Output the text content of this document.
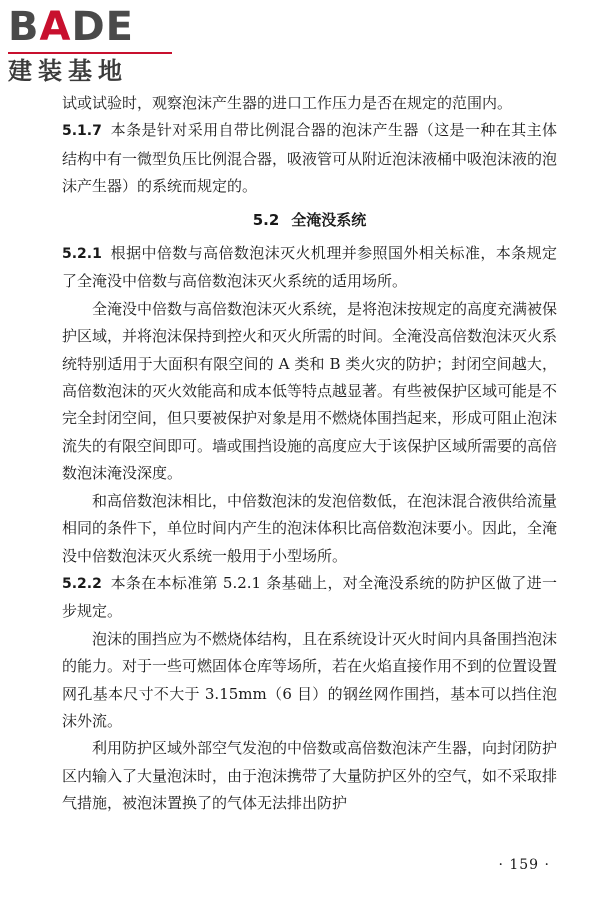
BADE
建装基地

试或试验时，观察泡沫产生器的进口工作压力是否在规定的范围内。

5.1.7 本条是针对采用自带比例混合器的泡沫产生器（这是一种在其主体结构中有一微型负压比例混合器，吸液管可从附近泡沫液桶中吸泡沫液的泡沫产生器）的系统而规定的。

5.2 全淹没系统

5.2.1 根据中倍数与高倍数泡沫灭火机理并参照国外相关标准，本条规定了全淹没中倍数与高倍数泡沫灭火系统的适用场所。

全淹没中倍数与高倍数泡沫灭火系统，是将泡沫按规定的高度充满被保护区域，并将泡沫保持到控火和灭火所需的时间。全淹没高倍数泡沫灭火系统特别适用于大面积有限空间的 A 类和 B 类火灾的防护；封闭空间越大，高倍数泡沫的灭火效能高和成本低等特点越显著。有些被保护区域可能是不完全封闭空间，但只要被保护对象是用不燃烧体围挡起来，形成可阻止泡沫流失的有限空间即可。墙或围挡设施的高度应大于该保护区域所需要的高倍数泡沫淹没深度。

和高倍数泡沫相比，中倍数泡沫的发泡倍数低，在泡沫混合液供给流量相同的条件下，单位时间内产生的泡沫体积比高倍数泡沫要小。因此，全淹没中倍数泡沫灭火系统一般用于小型场所。

5.2.2 本条在本标准第 5.2.1 条基础上，对全淹没系统的防护区做了进一步规定。

泡沫的围挡应为不燃烧体结构，且在系统设计灭火时间内具备围挡泡沫的能力。对于一些可燃固体仓库等场所，若在火焰直接作用不到的位置设置网孔基本尺寸不大于 3.15mm（6 目）的钢丝网作围挡，基本可以挡住泡沫外流。

利用防护区域外部空气发泡的中倍数或高倍数泡沫产生器，向封闭防护区内输入了大量泡沫时，由于泡沫携带了大量防护区外的空气，如不采取排气措施，被泡沫置换了的气体无法排出防护

· 159 ·
